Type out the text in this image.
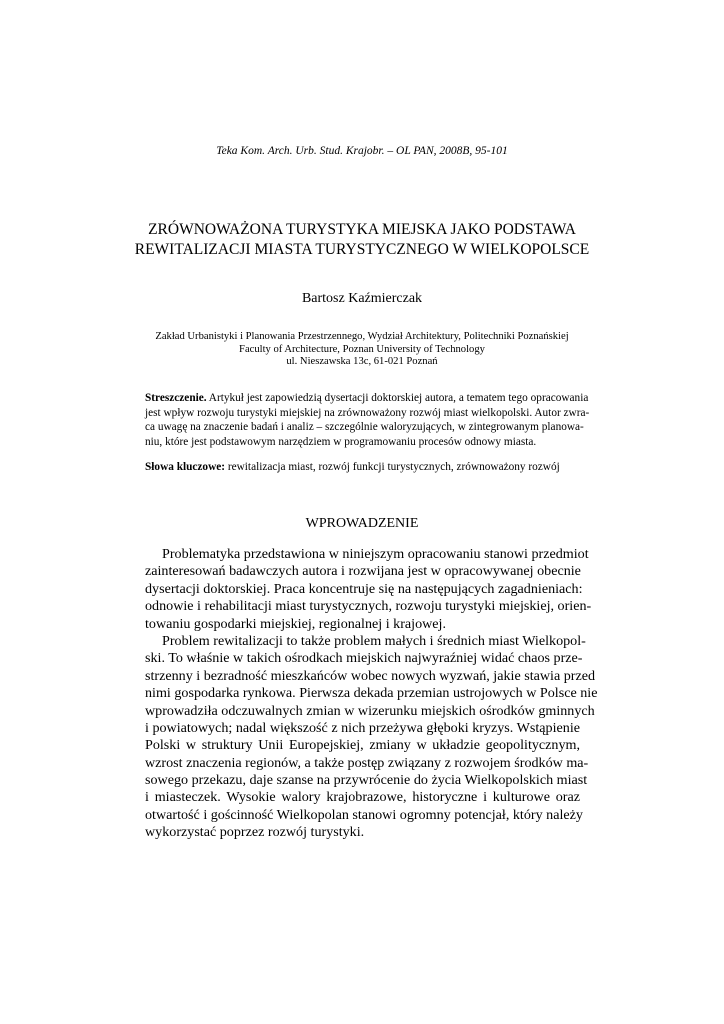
Teka Kom. Arch. Urb. Stud. Krajobr. – OL PAN, 2008B, 95-101
ZRÓWNOWAŻONA TURYSTYKA MIEJSKA JAKO PODSTAWA
REWITALIZACJI MIASTA TURYSTYCZNEGO W WIELKOPOLSCE
Bartosz Kaźmierczak
Zakład Urbanistyki i Planowania Przestrzennego, Wydział Architektury, Politechniki Poznańskiej
Faculty of Architecture, Poznan University of Technology
ul. Nieszawska 13c, 61-021 Poznań
Streszczenie. Artykuł jest zapowiedzią dysertacji doktorskiej autora, a tematem tego opracowania
jest wpływ rozwoju turystyki miejskiej na zrównoważony rozwój miast wielkopolski. Autor zwra-
ca uwagę na znaczenie badań i analiz – szczególnie waloryzujących, w zintegrowanym planowa-
niu, które jest podstawowym narzędziem w programowaniu procesów odnowy miasta.
Słowa kluczowe: rewitalizacja miast, rozwój funkcji turystycznych, zrównoważony rozwój
WPROWADZENIE
Problematyka przedstawiona w niniejszym opracowaniu stanowi przedmiot
zainteresowań badawczych autora i rozwijana jest w opracowywanej obecnie
dysertacji doktorskiej. Praca koncentruje się na następujących zagadnieniach:
odnowie i rehabilitacji miast turystycznych, rozwoju turystyki miejskiej, orien-
towaniu gospodarki miejskiej, regionalnej i krajowej.
Problem rewitalizacji to także problem małych i średnich miast Wielkopol-
ski. To właśnie w takich ośrodkach miejskich najwyraźniej widać chaos prze-
strzenny i bezradność mieszkańców wobec nowych wyzwań, jakie stawia przed
nimi gospodarka rynkowa. Pierwsza dekada przemian ustrojowych w Polsce nie
wprowadziła odczuwalnych zmian w wizerunku miejskich ośrodków gminnych
i powiatowych; nadal większość z nich przeżywa głęboki kryzys. Wstąpienie
Polski w struktury Unii Europejskiej, zmiany w układzie geopolitycznym,
wzrost znaczenia regionów, a także postęp związany z rozwojem środków ma-
sowego przekazu, daje szanse na przywrócenie do życia Wielkopolskich miast
i miasteczek. Wysokie walory krajobrazowe, historyczne i kulturowe oraz
otwartość i gościnność Wielkopolan stanowi ogromny potencjał, który należy
wykorzystać poprzez rozwój turystyki.
